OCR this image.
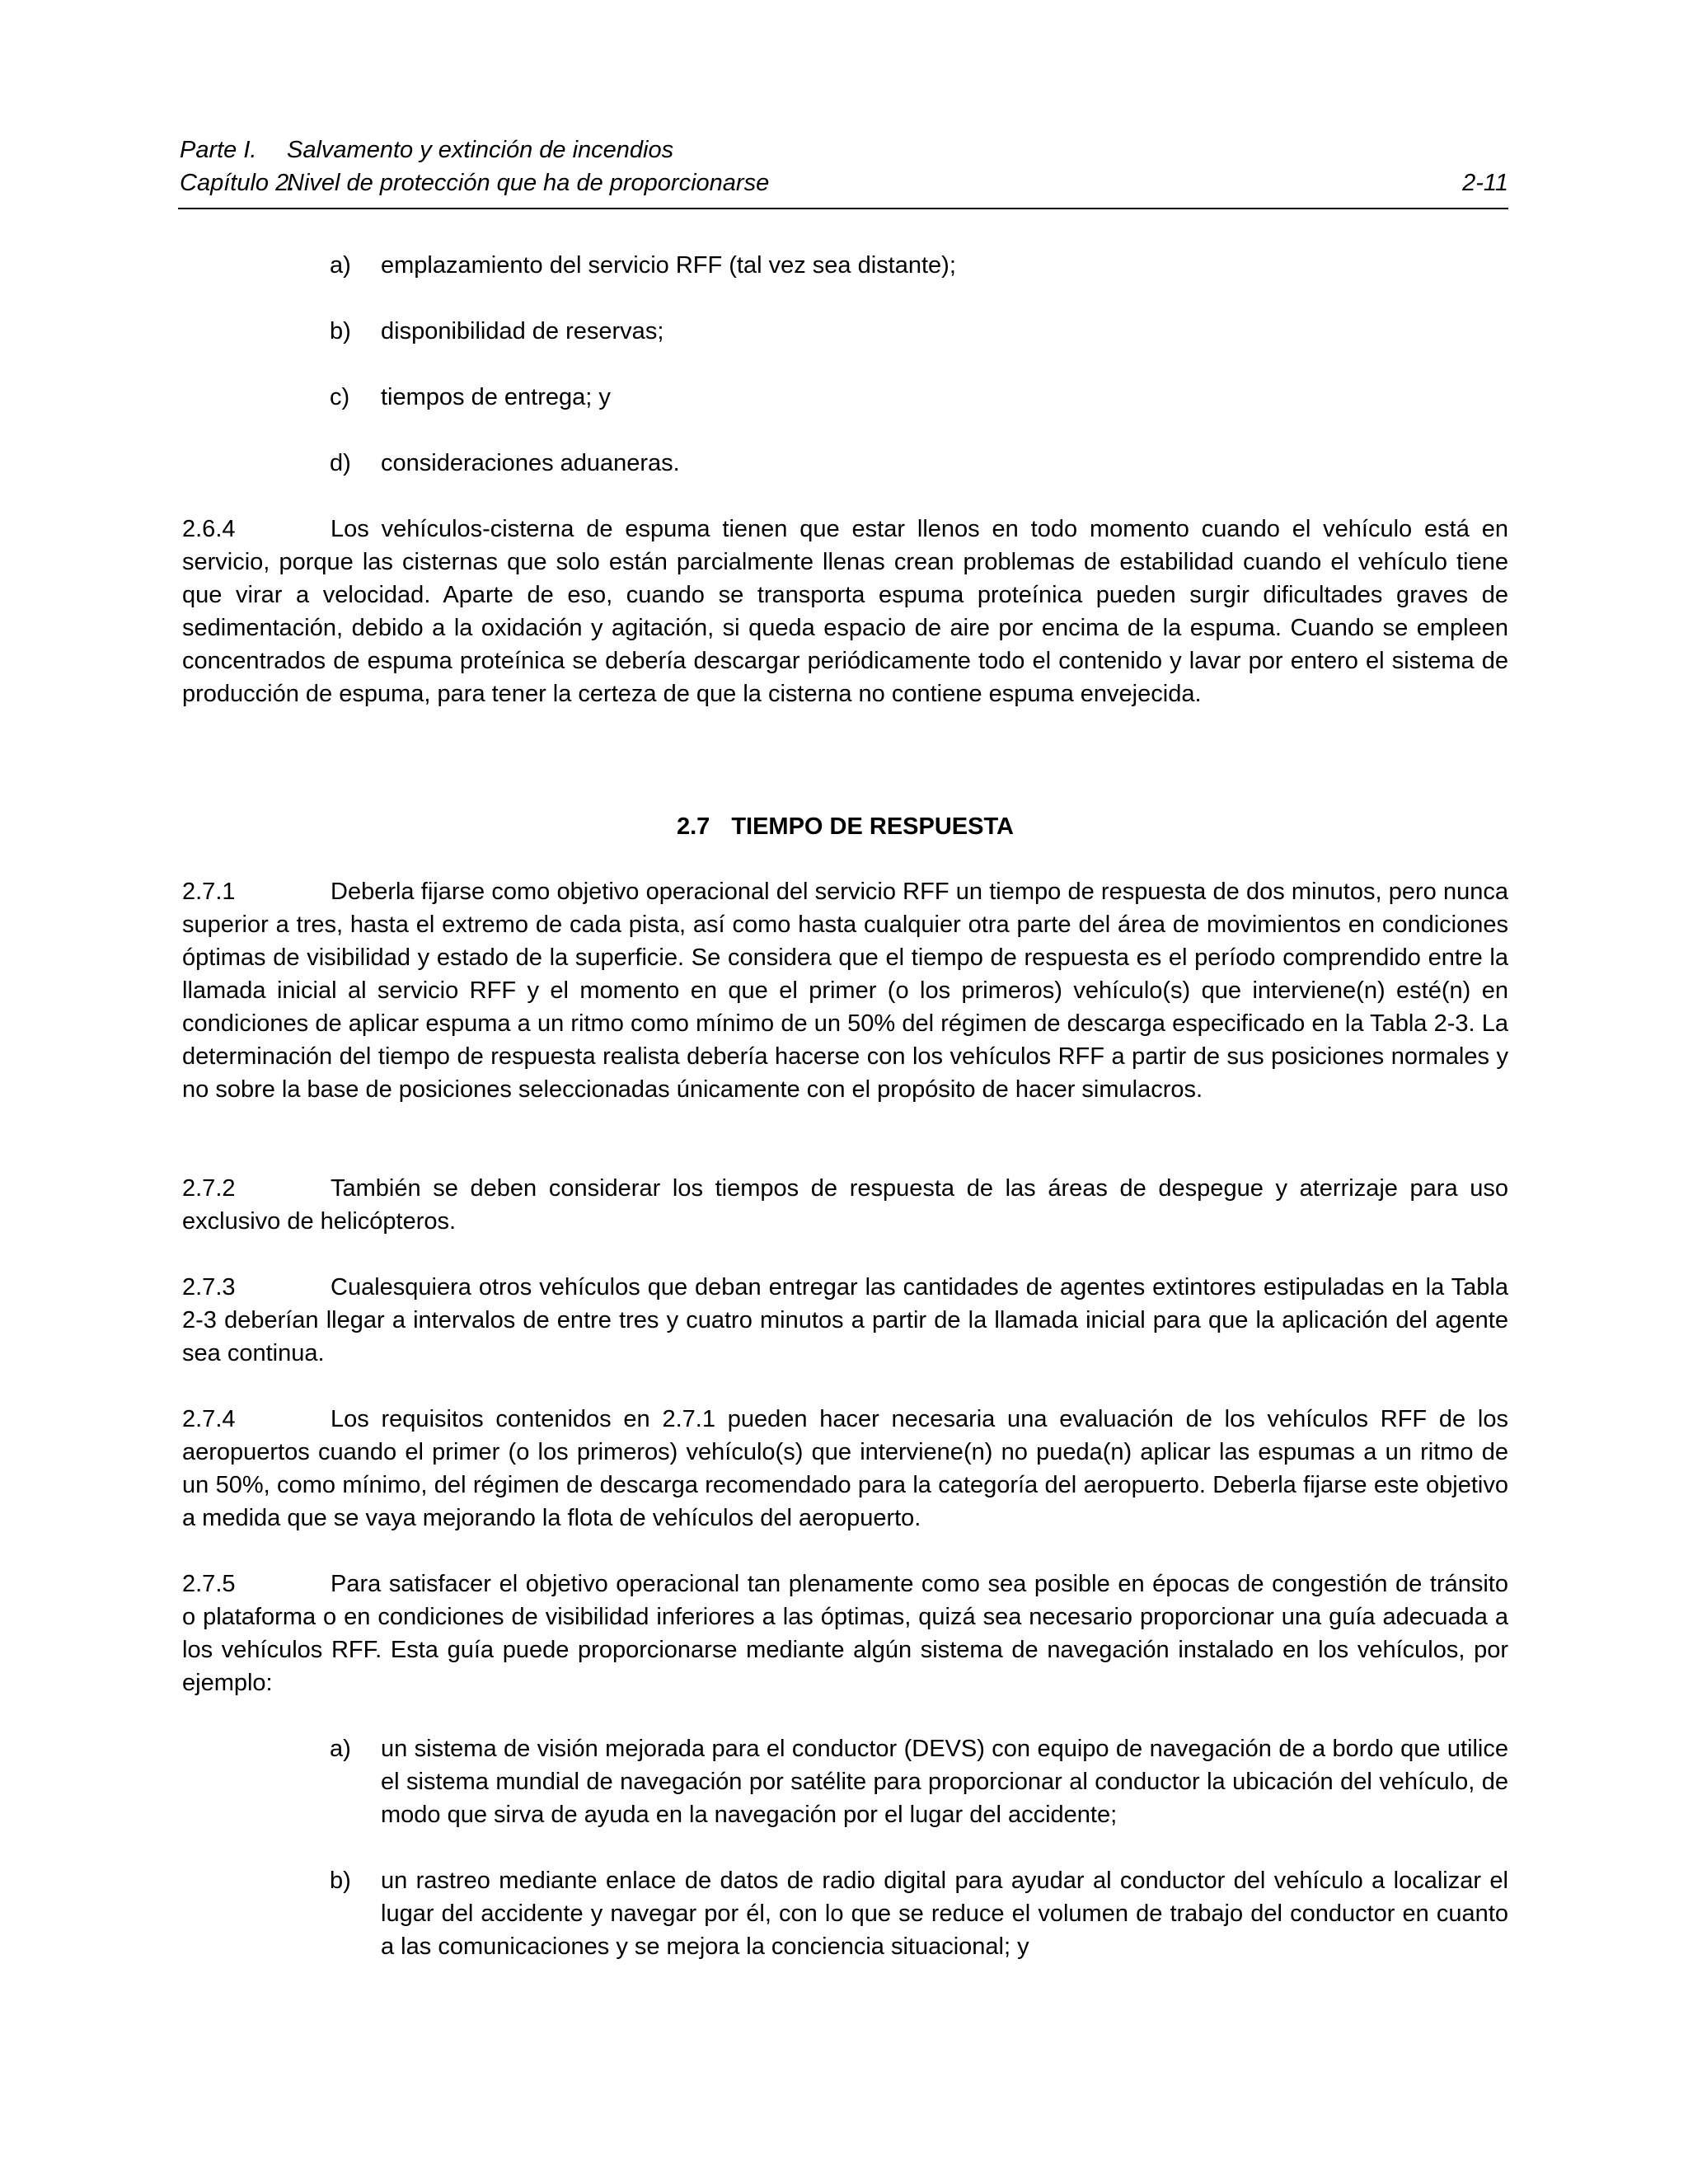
Parte I. Salvamento y extinción de incendios
Capítulo 2.Nivel de protección que ha de proporcionarse	2-11
a)	emplazamiento del servicio RFF (tal vez sea distante);
b)	disponibilidad de reservas;
c)	tiempos de entrega; y
d)	consideraciones aduaneras.
2.6.4	Los vehículos-cisterna de espuma tienen que estar llenos en todo momento cuando el vehículo está en servicio, porque las cisternas que solo están parcialmente llenas crean problemas de estabilidad cuando el vehículo tiene que virar a velocidad. Aparte de eso, cuando se transporta espuma proteínica pueden surgir dificultades graves de sedimentación, debido a la oxidación y agitación, si queda espacio de aire por encima de la espuma. Cuando se empleen concentrados de espuma proteínica se debería descargar periódicamente todo el contenido y lavar por entero el sistema de producción de espuma, para tener la certeza de que la cisterna no contiene espuma envejecida.
2.7 TIEMPO DE RESPUESTA
2.7.1	Deberla fijarse como objetivo operacional del servicio RFF un tiempo de respuesta de dos minutos, pero nunca superior a tres, hasta el extremo de cada pista, así como hasta cualquier otra parte del área de movimientos en condiciones óptimas de visibilidad y estado de la superficie. Se considera que el tiempo de respuesta es el período comprendido entre la llamada inicial al servicio RFF y el momento en que el primer (o los primeros) vehículo(s) que interviene(n) esté(n) en condiciones de aplicar espuma a un ritmo como mínimo de un 50% del régimen de descarga especificado en la Tabla 2-3. La determinación del tiempo de respuesta realista debería hacerse con los vehículos RFF a partir de sus posiciones normales y no sobre la base de posiciones seleccionadas únicamente con el propósito de hacer simulacros.
2.7.2	También se deben considerar los tiempos de respuesta de las áreas de despegue y aterrizaje para uso exclusivo de helicópteros.
2.7.3	Cualesquiera otros vehículos que deban entregar las cantidades de agentes extintores estipuladas en la Tabla 2-3 deberían llegar a intervalos de entre tres y cuatro minutos a partir de la llamada inicial para que la aplicación del agente sea continua.
2.7.4	Los requisitos contenidos en 2.7.1 pueden hacer necesaria una evaluación de los vehículos RFF de los aeropuertos cuando el primer (o los primeros) vehículo(s) que interviene(n) no pueda(n) aplicar las espumas a un ritmo de un 50%, como mínimo, del régimen de descarga recomendado para la categoría del aeropuerto. Deberla fijarse este objetivo a medida que se vaya mejorando la flota de vehículos del aeropuerto.
2.7.5	Para satisfacer el objetivo operacional tan plenamente como sea posible en épocas de congestión de tránsito o plataforma o en condiciones de visibilidad inferiores a las óptimas, quizá sea necesario proporcionar una guía adecuada a los vehículos RFF. Esta guía puede proporcionarse mediante algún sistema de navegación instalado en los vehículos, por ejemplo:
a)	un sistema de visión mejorada para el conductor (DEVS) con equipo de navegación de a bordo que utilice el sistema mundial de navegación por satélite para proporcionar al conductor la ubicación del vehículo, de modo que sirva de ayuda en la navegación por el lugar del accidente;
b)	un rastreo mediante enlace de datos de radio digital para ayudar al conductor del vehículo a localizar el lugar del accidente y navegar por él, con lo que se reduce el volumen de trabajo del conductor en cuanto a las comunicaciones y se mejora la conciencia situacional; y
